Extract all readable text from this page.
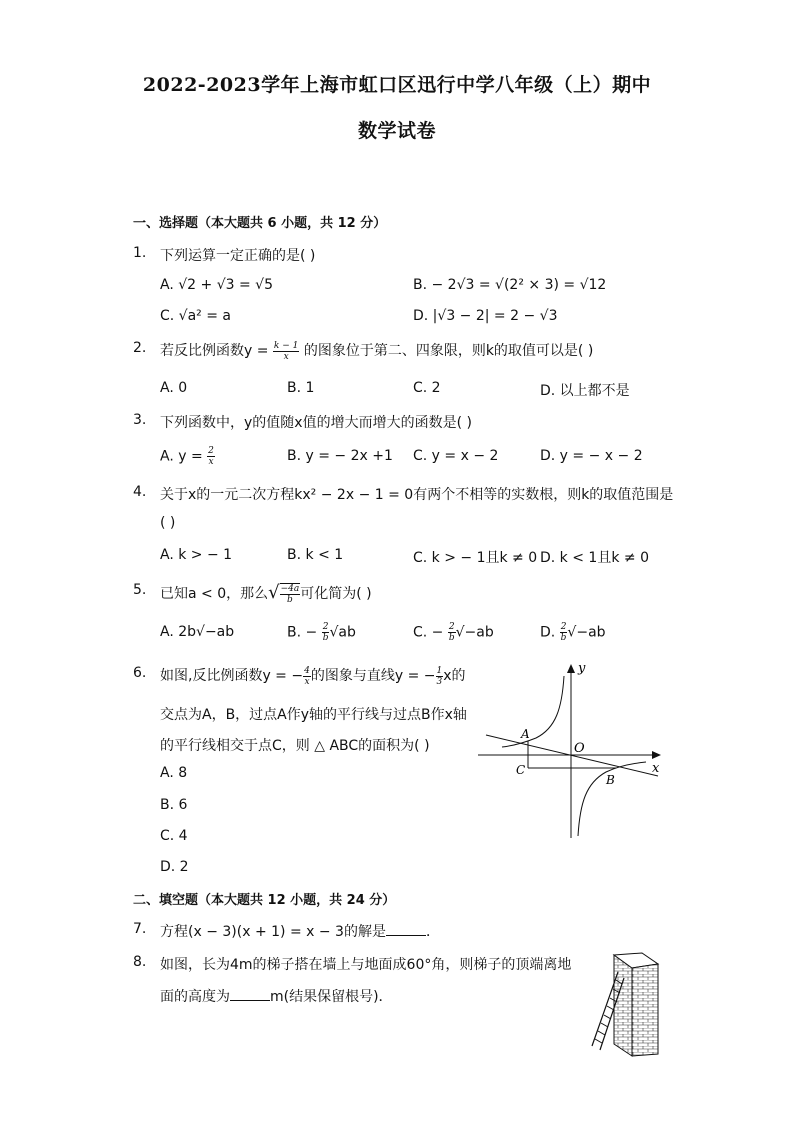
2022-2023学年上海市虹口区迅行中学八年级（上）期中
数学试卷
一、选择题（本大题共 6 小题，共 12 分）
1. 下列运算一定正确的是( )
A. √2 + √3 = √5	B. − 2√3 = √(2² × 3) = √12
C. √a² = a	D. |√3 − 2| = 2 − √3
2. 若反比例函数$y = \frac{k - 1}{x}$ 的图象位于第二、四象限，则k的取值可以是( )
A. 0	B. 1	C. 2	D. 以上都不是
3. 下列函数中，y的值随x值的增大而增大的函数是( )
A. $y = \frac{2}{x}$	B. y = − 2x +1 C. y = x − 2	D. y = − x − 2
4. 关于x的一元二次方程kx² − 2x − 1 = 0有两个不相等的实数根，则k的取值范围是
( )
A. k > − 1	B. k < 1	C. k > − 1且k ≠ 0 D. k < 1且k ≠ 0
5. 已知a < 0，那么√ $\frac{-4a}{b}$ 可化简为( )
A. 2b√−ab	B. − $\frac{2}{b} √ab$	C. − $\frac{2}{b} √-ab$	D. $\frac{2}{b} √-ab$
6. 如图,反比例函数y = − $\frac{4}{x}$ 的图象与直线y = − $\frac{1}{3}$ x的
交点为A，B，过点A作y轴的平行线与过点B作x轴
的平行线相交于点C，则 △ ABC的面积为( )
A. 8
B. 6
C. 4
D. 2
y
x
O
A
C
B
二、填空题（本大题共 12 小题，共 24 分）
7. 方程(x − 3)(x + 1) = x − 3的解是	．
8. 如图，长为4m的梯子搭在墙上与地面成60°角，则梯子的顶端离地
面的高度为	m(结果保留根号)．
